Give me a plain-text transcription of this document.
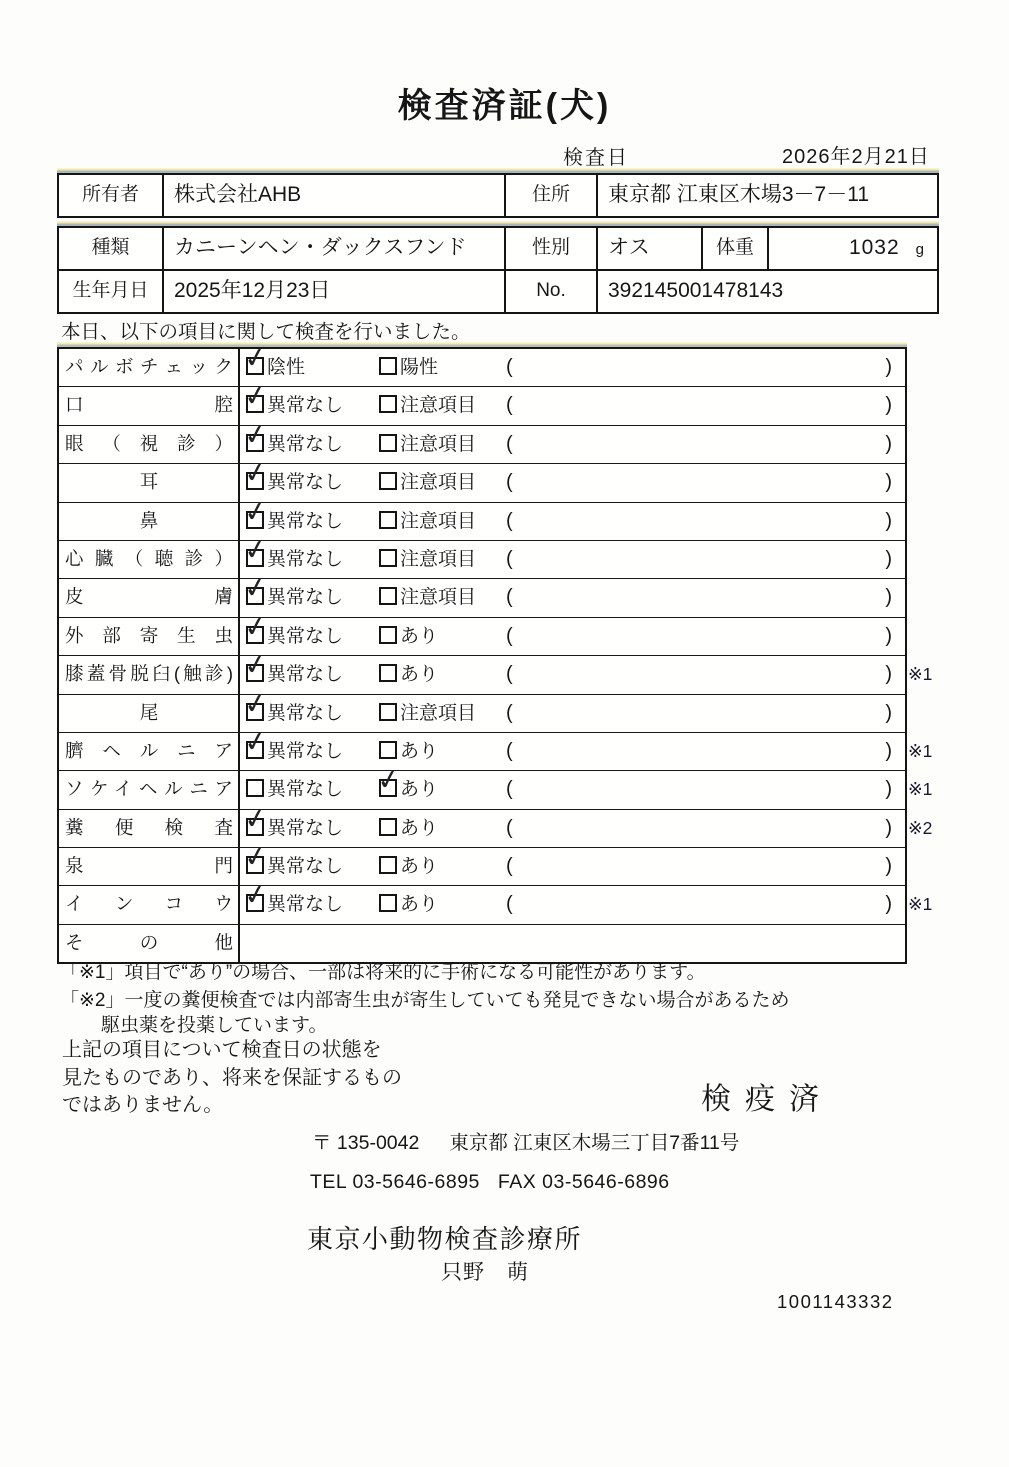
検査済証(犬)
検査日	2026年2月21日
所有者	株式会社AHB	住所	東京都 江東区木場3－7－11
種類	カニーンヘン・ダックスフンド	性別	オス	体重	1032 g
生年月日	2025年12月23日	No.	392145001478143
本日、以下の項目に関して検査を行いました。
パルボチェック ✓	陰性	陽性	(	)
口腔 ✓	異常なし	注意項目 (	)
眼（視診） ✓	異常なし	注意項目 (	)
耳 ✓	異常なし	注意項目 (	)
鼻 ✓	異常なし	注意項目 (	)
心臓（聴診） ✓	異常なし	注意項目 (	)
皮膚 ✓	異常なし	注意項目 (	)
外部寄生虫 ✓	異常なし	あり	(	)
膝蓋骨脱臼(触診) ✓	異常なし	あり	(	) ※1
尾 ✓	異常なし	注意項目 (	)
臍ヘルニア ✓	異常なし	あり	(	) ※1
ソケイヘルニア	異常なし ✓	あり	(	) ※1
糞便検査 ✓	異常なし	あり	(	) ※2
泉門 ✓	異常なし	あり	(	)
インコウ ✓	異常なし	あり	(	) ※1
その他
「※1」項目で“あり”の場合、一部は将来的に手術になる可能性があります。
「※2」一度の糞便検査では内部寄生虫が寄生していても発見できない場合があるため
駆虫薬を投薬しています。
上記の項目について検査日の状態を
見たものであり、将来を保証するもの
ではありません。	検疫済
〒 135-0042 東京都 江東区木場三丁目7番11号
TEL 03-5646-6895 FAX 03-5646-6896
東京小動物検査診療所
只野　萌
1001143332
